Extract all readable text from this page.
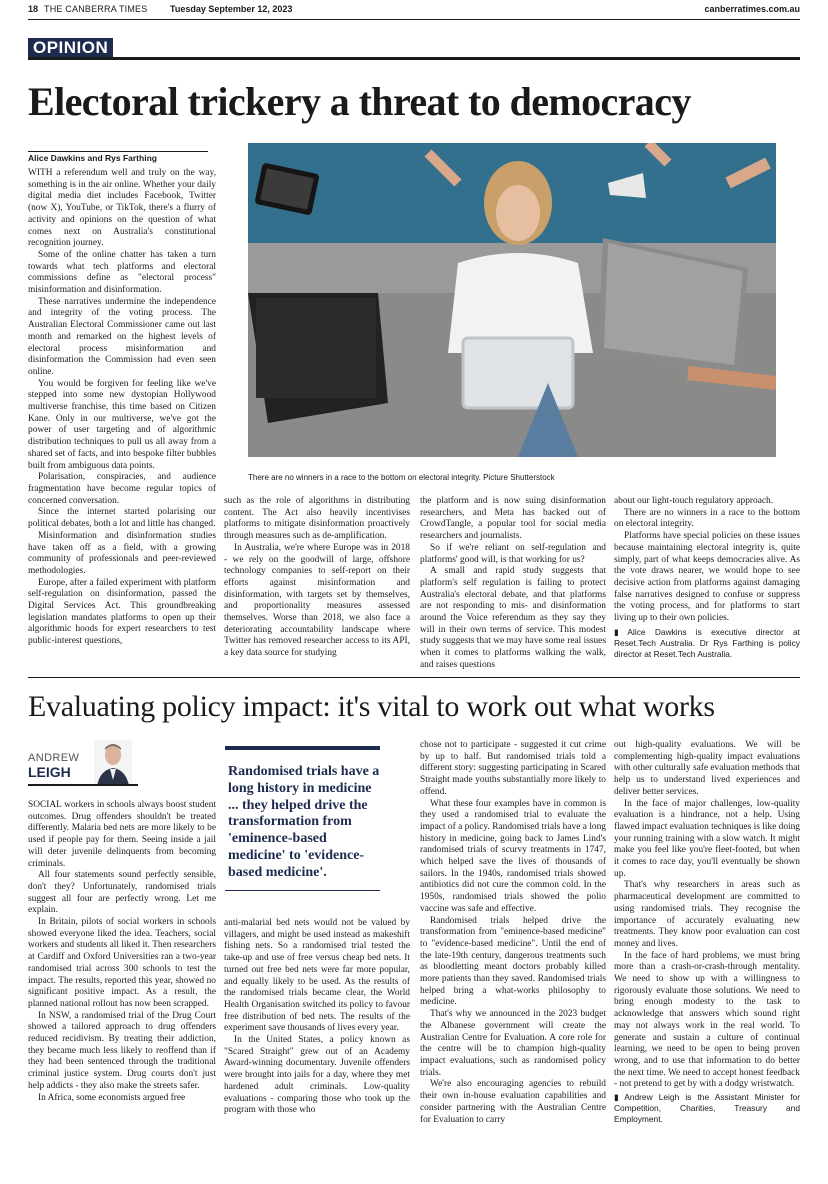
18 THE CANBERRA TIMES	Tuesday September 12, 2023	canberratimes.com.au
OPINION
Electoral trickery a threat to democracy
Alice Dawkins and Rys Farthing

WITH a referendum well and truly on the way, something is in the air online. Whether your daily digital media diet includes Facebook, Twitter (now X), YouTube, or TikTok, there's a flurry of activity and opinions on the question of what comes next on Australia's constitutional recognition journey.

Some of the online chatter has taken a turn towards what tech platforms and electoral commissions define as "electoral process" misinformation and disinformation.

These narratives undermine the independence and integrity of the voting process. The Australian Electoral Commissioner came out last month and remarked on the highest levels of electoral process misinformation and disinformation the Commission had even seen online.

You would be forgiven for feeling like we've stepped into some new dystopian Hollywood multiverse franchise, this time based on Citizen Kane. Only in our multiverse, we've got the power of user targeting and of algorithmic distribution techniques to pull us all away from a shared set of facts, and into bespoke filter bubbles built from ambiguous data points.

Polarisation, conspiracies, and audience fragmentation have become regular topics of concerned conversation.

Since the internet started polarising our political debates, both a lot and little has changed.

Misinformation and disinformation studies have taken off as a field, with a growing community of professionals and peer-reviewed methodologies.

Europe, after a failed experiment with platform self-regulation on disinformation, passed the Digital Services Act. This groundbreaking legislation mandates platforms to open up their algorithmic hoods for expert researchers to test public-interest questions,

There are no winners in a race to the bottom on electoral integrity. Picture Shutterstock

such as the role of algorithms in distributing content. The Act also heavily incentivises platforms to mitigate disinformation proactively through measures such as de-amplification.

In Australia, we're where Europe was in 2018 - we rely on the goodwill of large, offshore technology companies to self-report on their efforts against misinformation and disinformation, with targets set by themselves, and proportionality measures assessed themselves. Worse than 2018, we also face a deteriorating accountability landscape where Twitter has removed researcher access to its API, a key data source for studying

the platform and is now suing disinformation researchers, and Meta has backed out of CrowdTangle, a popular tool for social media researchers and journalists.

So if we're reliant on self-regulation and platforms' good will, is that working for us?

A small and rapid study suggests that platform's self regulation is failing to protect Australia's electoral debate, and that platforms are not responding to mis- and disinformation around the Voice referendum as they say they will in their own terms of service. This modest study suggests that we may have some real issues when it comes to platforms walking the walk, and raises questions

about our light-touch regulatory approach.

There are no winners in a race to the bottom on electoral integrity.

Platforms have special policies on these issues because maintaining electoral integrity is, quite simply, part of what keeps democracies alive. As the vote draws nearer, we would hope to see decisive action from platforms against damaging false narratives designed to confuse or suppress the voting process, and for platforms to start living up to their own policies.

▮ Alice Dawkins is executive director at Reset.Tech Australia. Dr Rys Farthing is policy director at Reset.Tech Australia.

Evaluating policy impact: it's vital to work out what works
ANDREW
LEIGH

SOCIAL workers in schools always boost student outcomes. Drug offenders shouldn't be treated differently. Malaria bed nets are more likely to be used if people pay for them. Seeing inside a jail will deter juvenile delinquents from becoming criminals.

All four statements sound perfectly sensible, don't they? Unfortunately, randomised trials suggest all four are perfectly wrong. Let me explain.

In Britain, pilots of social workers in schools showed everyone liked the idea. Teachers, social workers and students all liked it. Then researchers at Cardiff and Oxford Universities ran a two-year randomised trial across 300 schools to test the impact. The results, reported this year, showed no significant positive impact. As a result, the planned national rollout has now been scrapped.

In NSW, a randomised trial of the Drug Court showed a tailored approach to drug offenders reduced recidivism. By treating their addiction, they became much less likely to reoffend than if they had been sentenced through the traditional criminal justice system. Drug courts don't just help addicts - they also make the streets safer.

In Africa, some economists argued free

Randomised trials have a long history in medicine ... they helped drive the transformation from 'eminence-based medicine' to 'evidence-based medicine'.

anti-malarial bed nets would not be valued by villagers, and might be used instead as makeshift fishing nets. So a randomised trial tested the take-up and use of free versus cheap bed nets. It turned out free bed nets were far more popular, and equally likely to be used. As the results of the randomised trials became clear, the World Health Organisation switched its policy to favour free distribution of bed nets. The results of the experiment save thousands of lives every year.

In the United States, a policy known as "Scared Straight" grew out of an Academy Award-winning documentary. Juvenile offenders were brought into jails for a day, where they met hardened adult criminals. Low-quality evaluations - comparing those who took up the program with those who

chose not to participate - suggested it cut crime by up to half. But randomised trials told a different story: suggesting participating in Scared Straight made youths substantially more likely to offend.

What these four examples have in common is they used a randomised trial to evaluate the impact of a policy. Randomised trials have a long history in medicine, going back to James Lind's randomised trials of scurvy treatments in 1747, which helped save the lives of thousands of sailors. In the 1940s, randomised trials showed antibiotics did not cure the common cold. In the 1950s, randomised trials showed the polio vaccine was safe and effective.

Randomised trials helped drive the transformation from "eminence-based medicine" to "evidence-based medicine". Until the end of the late-19th century, dangerous treatments such as bloodletting meant doctors probably killed more patients than they saved. Randomised trials helped bring a what-works philosophy to medicine.

That's why we announced in the 2023 budget the Albanese government will create the Australian Centre for Evaluation. A core role for the centre will be to champion high-quality impact evaluations, such as randomised policy trials.

We're also encouraging agencies to rebuild their own in-house evaluation capabilities and consider partnering with the Australian Centre for Evaluation to carry

out high-quality evaluations. We will be complementing high-quality impact evaluations with other culturally safe evaluation methods that help us to understand lived experiences and deliver better services.

In the face of major challenges, low-quality evaluation is a hindrance, not a help. Using flawed impact evaluation techniques is like doing your running training with a slow watch. It might make you feel like you're fleet-footed, but when it comes to race day, you'll eventually be shown up.

That's why researchers in areas such as pharmaceutical development are committed to using randomised trials. They recognise the importance of accurately evaluating new treatments. They know poor evaluation can cost money and lives.

In the face of hard problems, we must bring more than a crash-or-crash-through mentality. We need to show up with a willingness to rigorously evaluate those solutions. We need to bring enough modesty to the task to acknowledge that answers which sound right may not always work in the real world. To generate and sustain a culture of continual learning, we need to be open to being proven wrong, and to use that information to do better the next time. We need to accept honest feedback - not pretend to get by with a dodgy wristwatch.

▮ Andrew Leigh is the Assistant Minister for Competition, Charities, Treasury and Employment.
